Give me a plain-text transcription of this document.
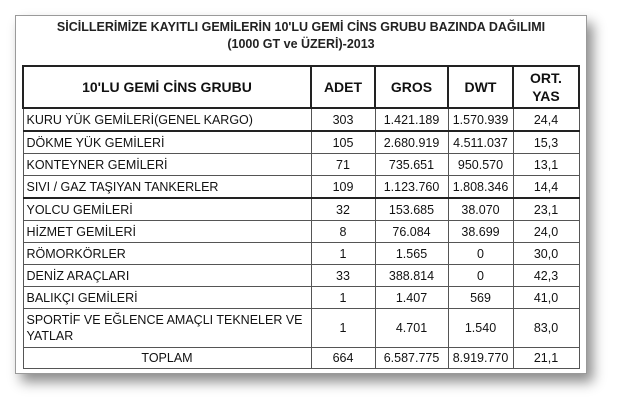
SİCİLLERİMİZE KAYITLI GEMİLERİN 10'LU GEMİ CİNS GRUBU BAZINDA DAĞILIMI
(1000 GT ve ÜZERİ)-2013
10'LU GEMİ CİNS GRUBU	ADET	GROS	DWT	ORT. YAS
KURU YÜK GEMİLERİ(GENEL KARGO)	303	1.421.189	1.570.939	24,4
DÖKME YÜK GEMİLERİ	105	2.680.919	4.511.037	15,3
KONTEYNER GEMİLERİ	71	735.651	950.570	13,1
SIVI / GAZ TAŞIYAN TANKERLER	109	1.123.760	1.808.346	14,4
YOLCU GEMİLERİ	32	153.685	38.070	23,1
HİZMET GEMİLERİ	8	76.084	38.699	24,0
RÖMORKÖRLER	1	1.565	0	30,0
DENİZ ARAÇLARI	33	388.814	0	42,3
BALIKÇI GEMİLERİ	1	1.407	569	41,0
SPORTİF VE EĞLENCE AMAÇLI TEKNELER VE YATLAR	1	4.701	1.540	83,0
TOPLAM	664	6.587.775	8.919.770	21,1
